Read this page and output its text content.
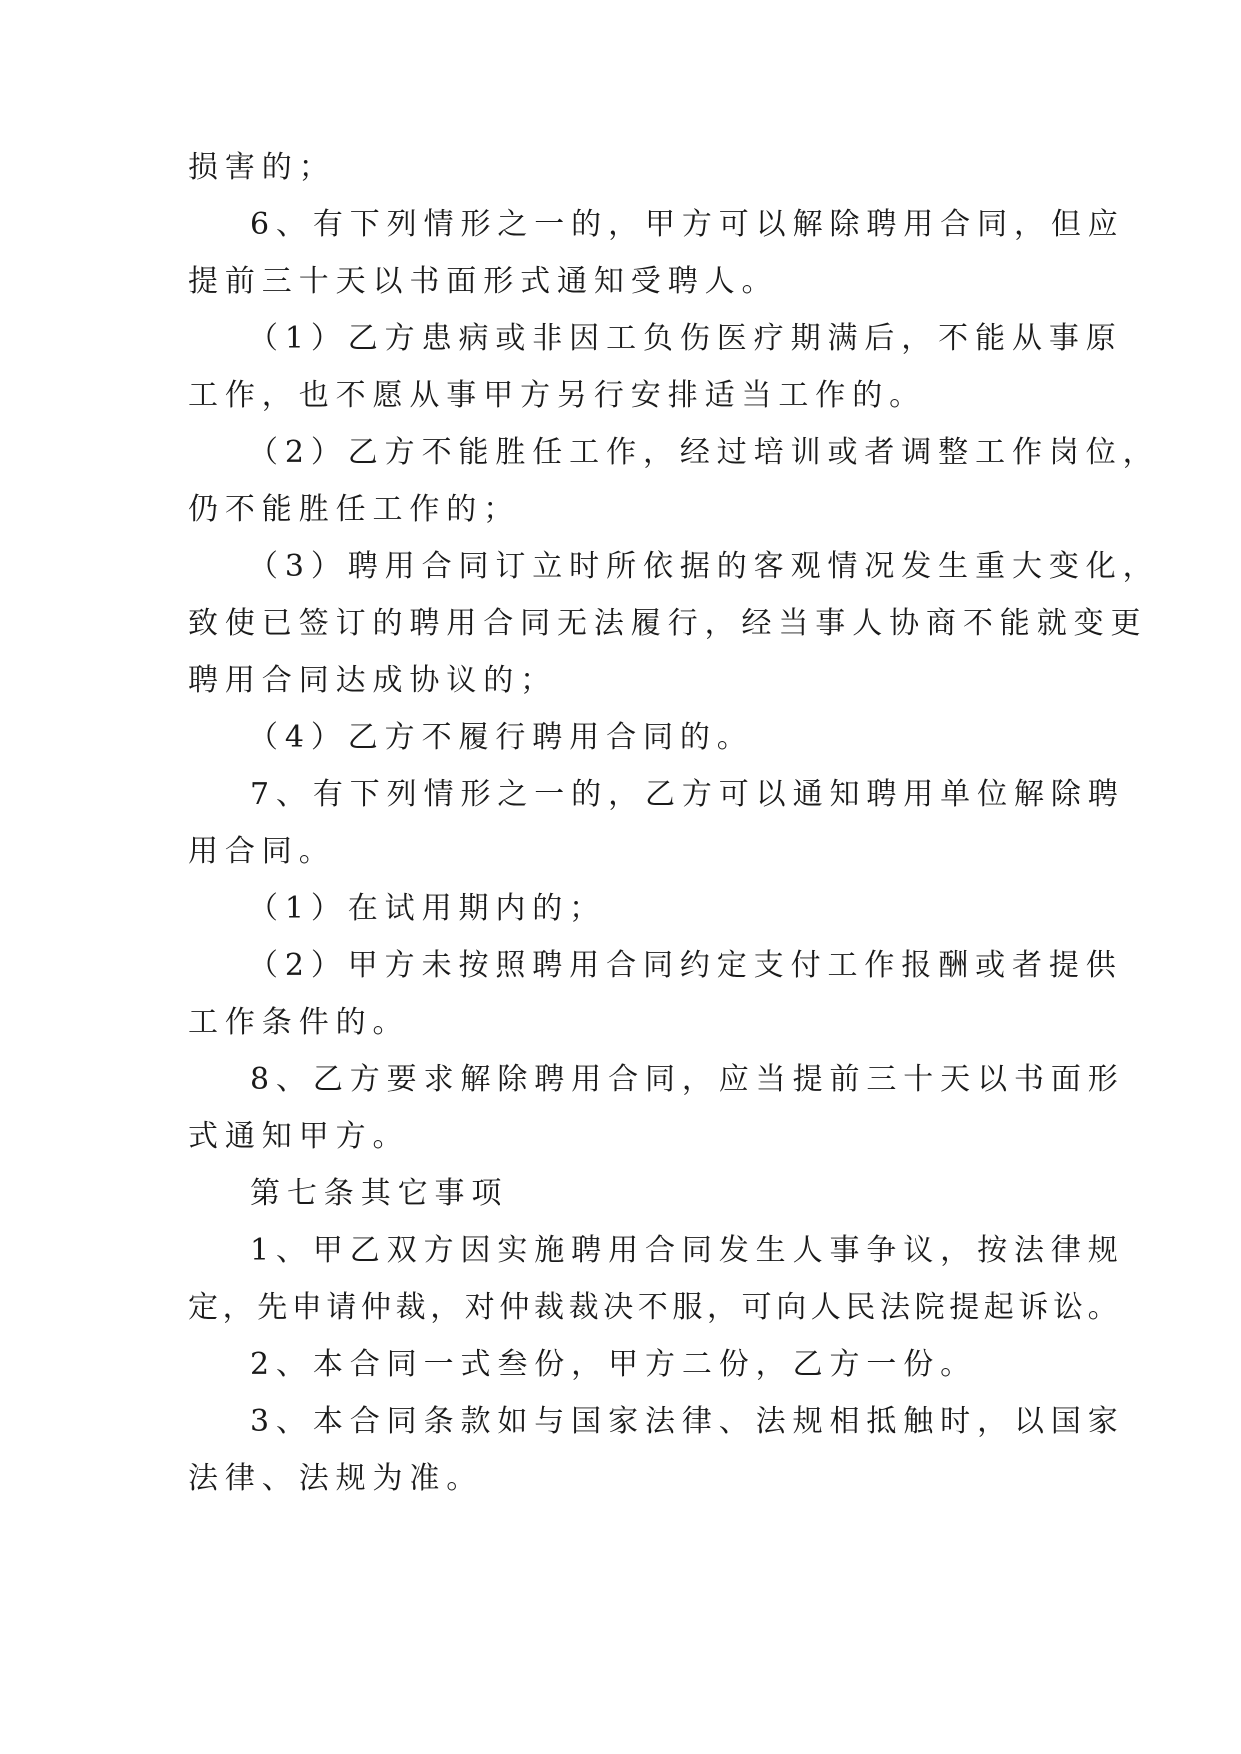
损害的；
6、有下列情形之一的，甲方可以解除聘用合同，但应
提前三十天以书面形式通知受聘人。
（1）乙方患病或非因工负伤医疗期满后，不能从事原
工作，也不愿从事甲方另行安排适当工作的。
（2）乙方不能胜任工作，经过培训或者调整工作岗位，
仍不能胜任工作的；
（3）聘用合同订立时所依据的客观情况发生重大变化，
致使已签订的聘用合同无法履行，经当事人协商不能就变更
聘用合同达成协议的；
（4）乙方不履行聘用合同的。
7、有下列情形之一的，乙方可以通知聘用单位解除聘
用合同。
（1）在试用期内的；
（2）甲方未按照聘用合同约定支付工作报酬或者提供
工作条件的。
8、乙方要求解除聘用合同，应当提前三十天以书面形
式通知甲方。
第七条其它事项
1、甲乙双方因实施聘用合同发生人事争议，按法律规
定，先申请仲裁，对仲裁裁决不服，可向人民法院提起诉讼。
2、本合同一式叁份，甲方二份，乙方一份。
3、本合同条款如与国家法律、法规相抵触时，以国家
法律、法规为准。
